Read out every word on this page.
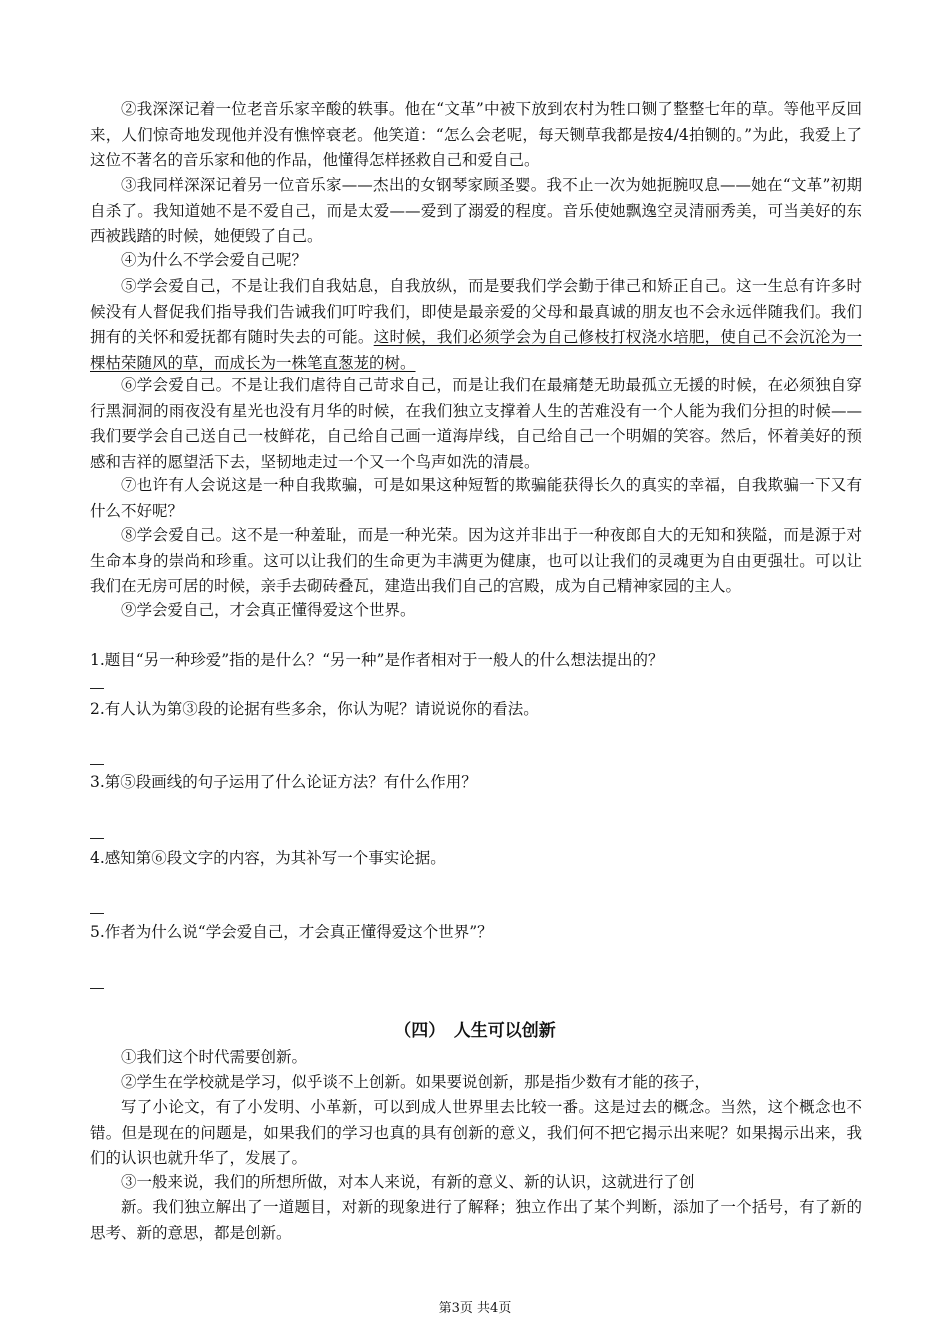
②我深深记着一位老音乐家辛酸的轶事。他在“文革”中被下放到农村为牲口铡了整整七年的草。等他平反回来，人们惊奇地发现他并没有憔悴衰老。他笑道：“怎么会老呢，每天铡草我都是按4/4拍铡的。”为此，我爱上了这位不著名的音乐家和他的作品，他懂得怎样拯救自己和爱自己。

③我同样深深记着另一位音乐家——杰出的女钢琴家顾圣婴。我不止一次为她扼腕叹息——她在“文革”初期自杀了。我知道她不是不爱自己，而是太爱——爱到了溺爱的程度。音乐使她飘逸空灵清丽秀美，可当美好的东西被践踏的时候，她便毁了自己。

④为什么不学会爱自己呢？

⑤学会爱自己，不是让我们自我姑息，自我放纵，而是要我们学会勤于律己和矫正自己。这一生总有许多时候没有人督促我们指导我们告诫我们叮咛我们，即使是最亲爱的父母和最真诚的朋友也不会永远伴随我们。我们拥有的关怀和爱抚都有随时失去的可能。这时候，我们必须学会为自己修枝打杈浇水培肥，使自己不会沉沦为一棵枯荣随风的草，而成长为一株笔直葱茏的树。

⑥学会爱自己。不是让我们虐待自己苛求自己，而是让我们在最痛楚无助最孤立无援的时候，在必须独自穿行黑洞洞的雨夜没有星光也没有月华的时候，在我们独立支撑着人生的苦难没有一个人能为我们分担的时候——我们要学会自己送自己一枝鲜花，自己给自己画一道海岸线，自己给自己一个明媚的笑容。然后，怀着美好的预感和吉祥的愿望活下去，坚韧地走过一个又一个鸟声如洗的清晨。

⑦也许有人会说这是一种自我欺骗，可是如果这种短暂的欺骗能获得长久的真实的幸福，自我欺骗一下又有什么不好呢？

⑧学会爱自己。这不是一种羞耻，而是一种光荣。因为这并非出于一种夜郎自大的无知和狭隘，而是源于对生命本身的崇尚和珍重。这可以让我们的生命更为丰满更为健康，也可以让我们的灵魂更为自由更强壮。可以让我们在无房可居的时候，亲手去砌砖叠瓦，建造出我们自己的宫殿，成为自己精神家园的主人。

⑨学会爱自己，才会真正懂得爱这个世界。

1.题目“另一种珍爱”指的是什么？“另一种”是作者相对于一般人的什么想法提出的？

2.有人认为第③段的论据有些多余，你认为呢？请说说你的看法。

3.第⑤段画线的句子运用了什么论证方法？有什么作用？

4.感知第⑥段文字的内容，为其补写一个事实论据。

5.作者为什么说“学会爱自己，才会真正懂得爱这个世界”？

（四）　人生可以创新

①我们这个时代需要创新。

②学生在学校就是学习，似乎谈不上创新。如果要说创新，那是指少数有才能的孩子，

写了小论文，有了小发明、小革新，可以到成人世界里去比较一番。这是过去的概念。当然，这个概念也不错。但是现在的问题是，如果我们的学习也真的具有创新的意义，我们何不把它揭示出来呢？如果揭示出来，我们的认识也就升华了，发展了。

③一般来说，我们的所想所做，对本人来说，有新的意义、新的认识，这就进行了创

新。我们独立解出了一道题目，对新的现象进行了解释；独立作出了某个判断，添加了一个括号，有了新的思考、新的意思，都是创新。

第3页 共4页
